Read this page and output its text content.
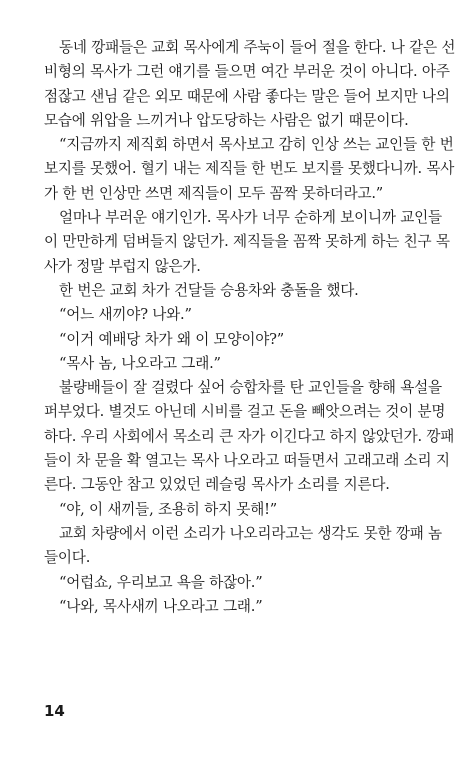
동네 깡패들은 교회 목사에게 주눅이 들어 절을 한다. 나 같은 선
비형의 목사가 그런 얘기를 들으면 여간 부러운 것이 아니다. 아주
점잖고 샌님 같은 외모 때문에 사람 좋다는 말은 들어 보지만 나의
모습에 위압을 느끼거나 압도당하는 사람은 없기 때문이다.
“지금까지 제직회 하면서 목사보고 감히 인상 쓰는 교인들 한 번
보지를 못했어. 혈기 내는 제직들 한 번도 보지를 못했다니까. 목사
가 한 번 인상만 쓰면 제직들이 모두 꼼짝 못하더라고.”
얼마나 부러운 얘기인가. 목사가 너무 순하게 보이니까 교인들
이 만만하게 덤벼들지 않던가. 제직들을 꼼짝 못하게 하는 친구 목
사가 정말 부럽지 않은가.
한 번은 교회 차가 건달들 승용차와 충돌을 했다.
“어느 새끼야? 나와.”
“이거 예배당 차가 왜 이 모양이야?”
“목사 놈, 나오라고 그래.”
불량배들이 잘 걸렸다 싶어 승합차를 탄 교인들을 향해 욕설을
퍼부었다. 별것도 아닌데 시비를 걸고 돈을 빼앗으려는 것이 분명
하다. 우리 사회에서 목소리 큰 자가 이긴다고 하지 않았던가. 깡패
들이 차 문을 확 열고는 목사 나오라고 떠들면서 고래고래 소리 지
른다. 그동안 참고 있었던 레슬링 목사가 소리를 지른다.
“야, 이 새끼들, 조용히 하지 못해!”
교회 차량에서 이런 소리가 나오리라고는 생각도 못한 깡패 놈
들이다.
“어럽쇼, 우리보고 욕을 하잖아.”
“나와, 목사새끼 나오라고 그래.”
14
